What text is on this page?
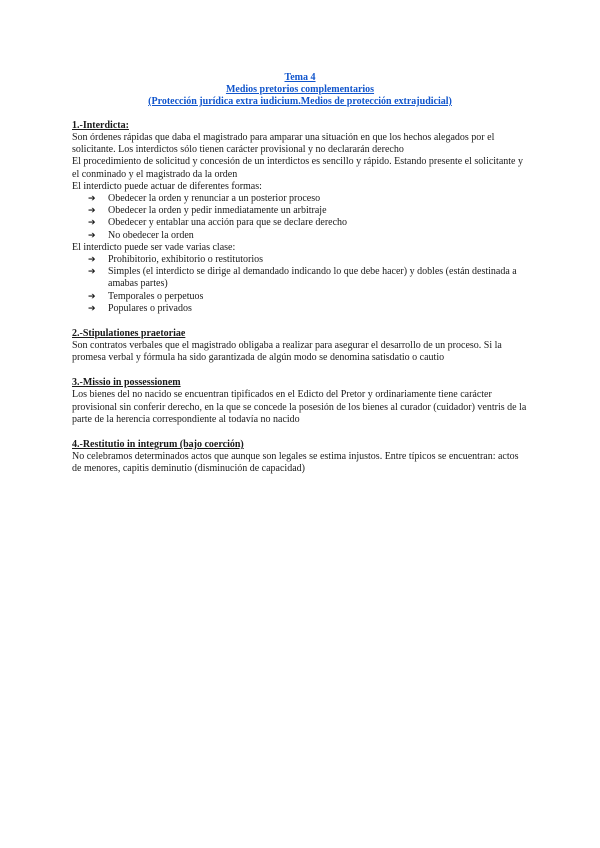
Tema 4
Medios pretorios complementarios
(Protección jurídica extra iudicium.Medios de protección extrajudicial)
1.-Interdicta:
Son órdenes rápidas que daba el magistrado para amparar una situación en que los hechos alegados por el solicitante. Los interdictos sólo tienen carácter provisional y no declararán derecho
El procedimiento de solicitud y concesión de un interdictos es sencillo y rápido. Estando presente el solicitante y el conminado y el magistrado da la orden
El interdicto puede actuar de diferentes formas:
➔ Obedecer la orden y renunciar a un posterior proceso
➔ Obedecer la orden y pedir inmediatamente un arbitraje
➔ Obedecer y entablar una acción para que se declare derecho
➔ No obedecer la orden
El interdicto puede ser vade varias clase:
➔ Prohibitorio, exhibitorio o restitutorios
➔ Simples (el interdicto se dirige al demandado indicando lo que debe hacer) y dobles (están destinada a amabas partes)
➔ Temporales o perpetuos
➔ Populares o privados
2.-Stipulationes praetoriae
Son contratos verbales que el magistrado obligaba a realizar para asegurar el desarrollo de un proceso. Si la promesa verbal y fórmula ha sido garantizada de algún modo se denomina satisdatio o cautio
3.-Missio in possessionem
Los bienes del no nacido se encuentran tipificados en el Edicto del Pretor y ordinariamente tiene carácter provisional sin conferir derecho, en la que se concede la posesión de los bienes al curador (cuidador) ventris de la parte de la herencia correspondiente al todavía no nacido
4.-Restitutio in integrum (bajo coerción)
No celebramos determinados actos que aunque son legales se estima injustos. Entre típicos se encuentran: actos de menores, capitis deminutio (disminución de capacidad)
